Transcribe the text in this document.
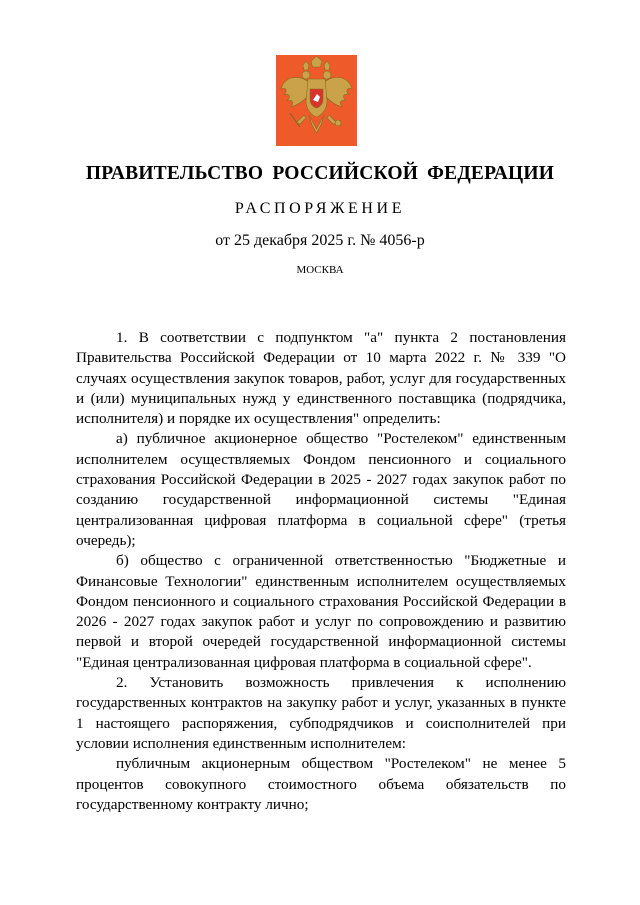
ПРАВИТЕЛЬСТВО РОССИЙСКОЙ ФЕДЕРАЦИИ
РАСПОРЯЖЕНИЕ
от 25 декабря 2025 г. № 4056-р
МОСКВА

1. В соответствии с подпунктом "а" пункта 2 постановления Правительства Российской Федерации от 10 марта 2022 г. № 339 "О случаях осуществления закупок товаров, работ, услуг для государственных и (или) муниципальных нужд у единственного поставщика (подрядчика, исполнителя) и порядке их осуществления" определить:

а) публичное акционерное общество "Ростелеком" единственным исполнителем осуществляемых Фондом пенсионного и социального страхования Российской Федерации в 2025 - 2027 годах закупок работ по созданию государственной информационной системы "Единая централизованная цифровая платформа в социальной сфере" (третья очередь);

б) общество с ограниченной ответственностью "Бюджетные и Финансовые Технологии" единственным исполнителем осуществляемых Фондом пенсионного и социального страхования Российской Федерации в 2026 - 2027 годах закупок работ и услуг по сопровождению и развитию первой и второй очередей государственной информационной системы "Единая централизованная цифровая платформа в социальной сфере".

2. Установить возможность привлечения к исполнению государственных контрактов на закупку работ и услуг, указанных в пункте 1 настоящего распоряжения, субподрядчиков и соисполнителей при условии исполнения единственным исполнителем:

публичным акционерным обществом "Ростелеком" не менее 5 процентов совокупного стоимостного объема обязательств по государственному контракту лично;
